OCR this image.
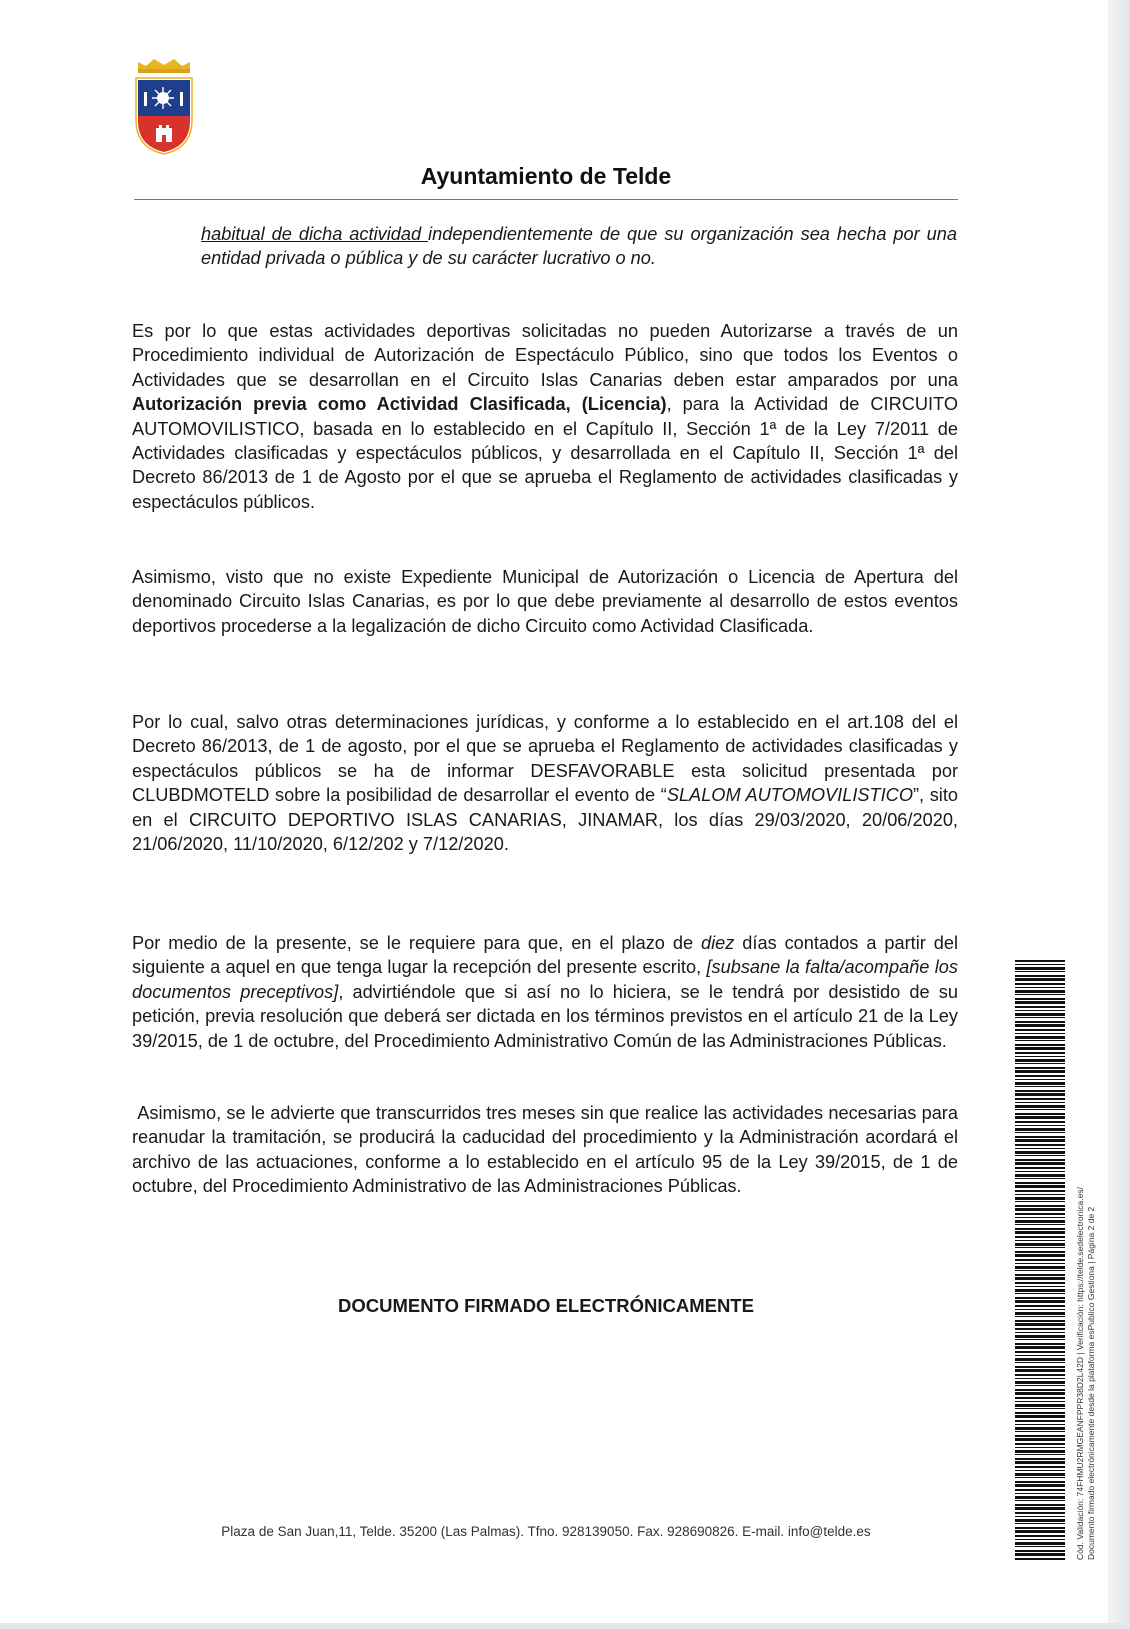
Ayuntamiento de Telde

habitual de dicha actividad independientemente de que su organización sea hecha por una entidad privada o pública y de su carácter lucrativo o no.

Es por lo que estas actividades deportivas solicitadas no pueden Autorizarse a través de un Procedimiento individual de Autorización de Espectáculo Público, sino que todos los Eventos o Actividades que se desarrollan en el Circuito Islas Canarias deben estar amparados por una Autorización previa como Actividad Clasificada, (Licencia), para la Actividad de CIRCUITO AUTOMOVILISTICO, basada en lo establecido en el Capítulo II, Sección 1ª de la Ley 7/2011 de Actividades clasificadas y espectáculos públicos, y desarrollada en el Capítulo II, Sección 1ª del Decreto 86/2013 de 1 de Agosto por el que se aprueba el Reglamento de actividades clasificadas y espectáculos públicos.

Asimismo, visto que no existe Expediente Municipal de Autorización o Licencia de Apertura del denominado Circuito Islas Canarias, es por lo que debe previamente al desarrollo de estos eventos deportivos procederse a la legalización de dicho Circuito como Actividad Clasificada.

Por lo cual, salvo otras determinaciones jurídicas, y conforme a lo establecido en el art.108 del el Decreto 86/2013, de 1 de agosto, por el que se aprueba el Reglamento de actividades clasificadas y espectáculos públicos se ha de informar DESFAVORABLE esta solicitud presentada por CLUBDMOTELD sobre la posibilidad de desarrollar el evento de “SLALOM AUTOMOVILISTICO”, sito en el CIRCUITO DEPORTIVO ISLAS CANARIAS, JINAMAR, los días 29/03/2020, 20/06/2020, 21/06/2020, 11/10/2020, 6/12/202 y 7/12/2020.

Por medio de la presente, se le requiere para que, en el plazo de diez días contados a partir del siguiente a aquel en que tenga lugar la recepción del presente escrito, [subsane la falta/acompañe los documentos preceptivos], advirtiéndole que si así no lo hiciera, se le tendrá por desistido de su petición, previa resolución que deberá ser dictada en los términos previstos en el artículo 21 de la Ley 39/2015, de 1 de octubre, del Procedimiento Administrativo Común de las Administraciones Públicas.

Asimismo, se le advierte que transcurridos tres meses sin que realice las actividades necesarias para reanudar la tramitación, se producirá la caducidad del procedimiento y la Administración acordará el archivo de las actuaciones, conforme a lo establecido en el artículo 95 de la Ley 39/2015, de 1 de octubre, del Procedimiento Administrativo de las Administraciones Públicas.

DOCUMENTO FIRMADO ELECTRÓNICAMENTE
Plaza de San Juan,11, Telde. 35200 (Las Palmas). Tfno. 928139050. Fax. 928690826. E-mail. info@telde.es	Cód. Validación: 74FHMU2RMGEANFPPR38D2L42D | Verificación: https://telde.sedelectronica.es/ Documento firmado electrónicamente desde la plataforma esPublico Gestiona | Página 2 de 2
